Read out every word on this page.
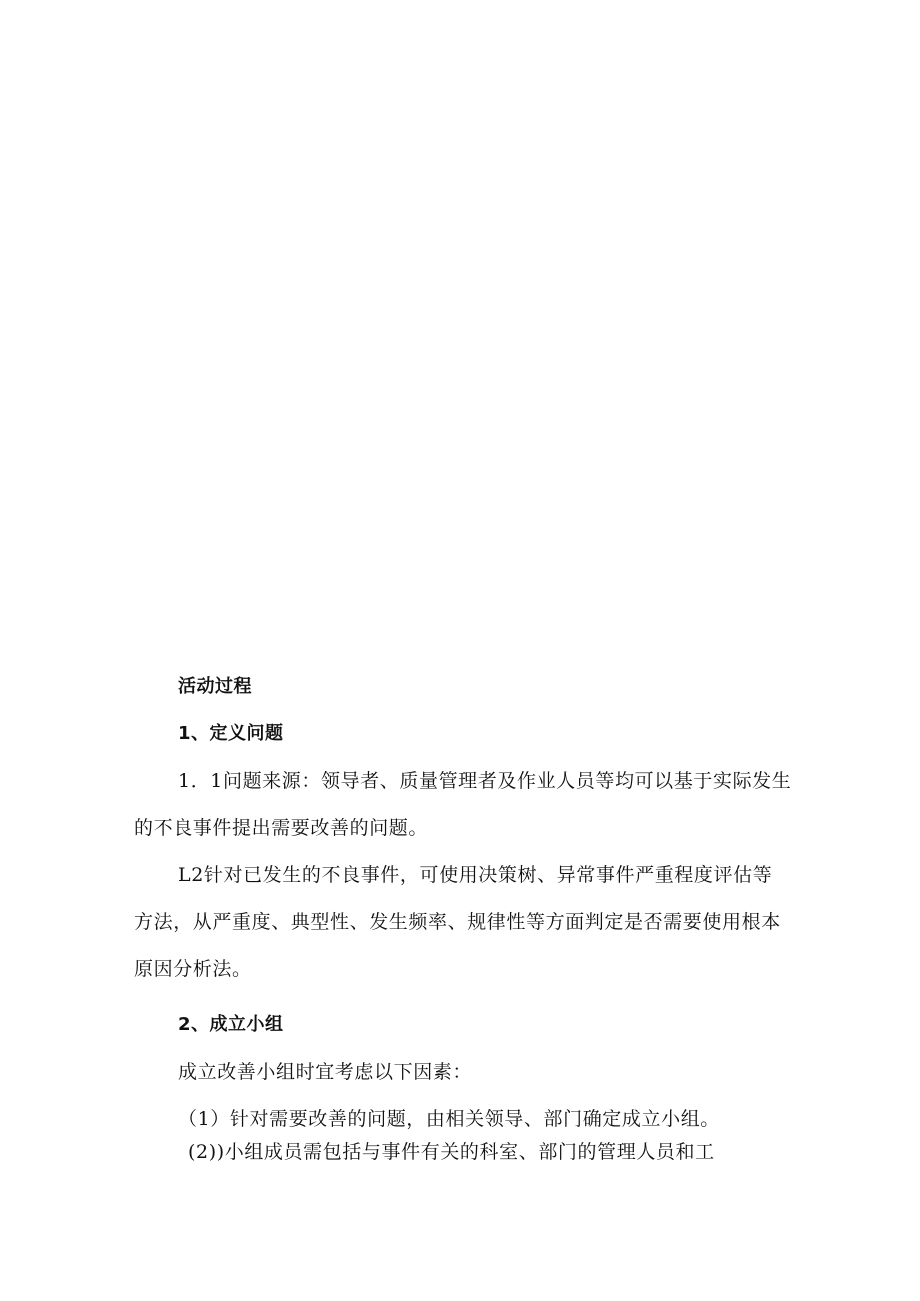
活动过程
1、定义问题
1．1问题来源：领导者、质量管理者及作业人员等均可以基于实际发生
的不良事件提出需要改善的问题。
L2针对已发生的不良事件，可使用决策树、异常事件严重程度评估等
方法，从严重度、典型性、发生频率、规律性等方面判定是否需要使用根本
原因分析法。
2、成立小组
成立改善小组时宜考虑以下因素：
（1）针对需要改善的问题，由相关领导、部门确定成立小组。
(2))小组成员需包括与事件有关的科室、部门的管理人员和工
